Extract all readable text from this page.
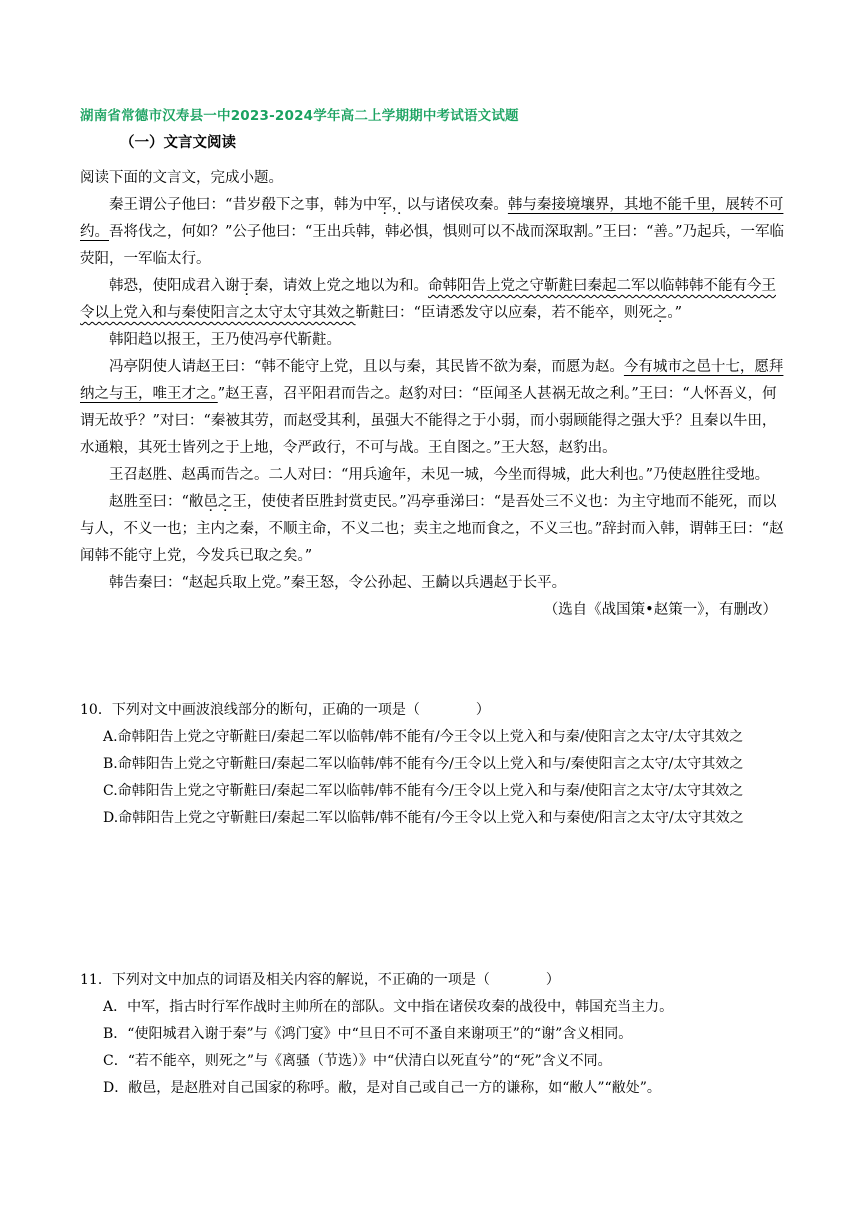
湖南省常德市汉寿县一中2023-2024学年高二上学期期中考试语文试题
（一）文言文阅读

阅读下面的文言文，完成小题。

秦王谓公子他曰：“昔岁殽下之事，韩为中军，以与诸侯攻秦。韩与秦接境壤界，其地不能千里，展转不可约。吾将伐之，何如？”公子他曰：“王出兵韩，韩必惧，惧则可以不战而深取割。”王曰：“善。”乃起兵，一军临荧阳，一军临太行。

韩恐，使阳成君入谢于秦，请效上党之地以为和。命韩阳告上党之守靳黈曰秦起二军以临韩韩不能有今王令以上党入和与秦使阳言之太守太守其效之靳黈曰：“臣请悉发守以应秦，若不能卒，则死之。”

韩阳趋以报王，王乃使冯亭代靳黈。

冯亭阴使人请赵王曰：“韩不能守上党，且以与秦，其民皆不欲为秦，而愿为赵。今有城市之邑十七，愿拜纳之与王，唯王才之。”赵王喜，召平阳君而告之。赵豹对曰：“臣闻圣人甚祸无故之利。”王曰：“人怀吾义，何谓无故乎？”对曰：“秦被其劳，而赵受其利，虽强大不能得之于小弱，而小弱顾能得之强大乎？且秦以牛田，水通粮，其死士皆列之于上地，令严政行，不可与战。王自图之。”王大怒，赵豹出。

王召赵胜、赵禹而告之。二人对曰：“用兵逾年，未见一城，今坐而得城，此大利也。”乃使赵胜往受地。

赵胜至曰：“敝邑之王，使使者臣胜封赏吏民。”冯亭垂涕曰：“是吾处三不义也：为主守地而不能死，而以与人，不义一也；主内之秦，不顺主命，不义二也；卖主之地而食之，不义三也。”辞封而入韩，谓韩王曰：“赵闻韩不能守上党，今发兵已取之矣。”

韩告秦曰：“赵起兵取上党。”秦王怒，令公孙起、王齮以兵遇赵于长平。

（选自《战国策•赵策一》，有删改）

10．下列对文中画波浪线部分的断句，正确的一项是（	）

A.命韩阳告上党之守靳黈曰/秦起二军以临韩/韩不能有/今王令以上党入和与秦/使阳言之太守/太守其效之

B.命韩阳告上党之守靳黈曰/秦起二军以临韩/韩不能有今/王令以上党入和与/秦使阳言之太守/太守其效之

C.命韩阳告上党之守靳黈曰/秦起二军以临韩/韩不能有今/王令以上党入和与秦/使阳言之太守/太守其效之

D.命韩阳告上党之守靳黈曰/秦起二军以临韩/韩不能有/今王令以上党入和与秦使/阳言之太守/太守其效之

11．下列对文中加点的词语及相关内容的解说，不正确的一项是（	）

A．中军，指古时行军作战时主帅所在的部队。文中指在诸侯攻秦的战役中，韩国充当主力。

B．“使阳城君入谢于秦”与《鸿门宴》中“旦日不可不蚤自来谢项王”的“谢”含义相同。

C．“若不能卒，则死之”与《离骚（节选）》中“伏清白以死直兮”的“死”含义不同。

D．敝邑，是赵胜对自己国家的称呼。敝，是对自己或自己一方的谦称，如“敝人”“敝处”。
